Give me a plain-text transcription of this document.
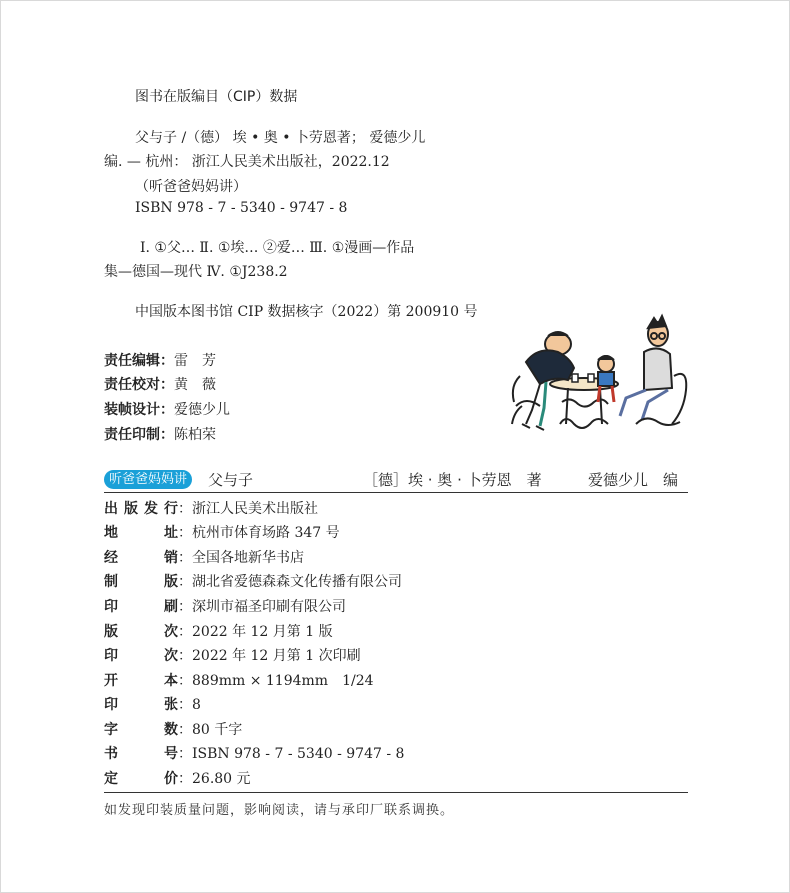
图书在版编目（CIP）数据
父与子 /（德） 埃 • 奥 • 卜劳恩著； 爱德少儿
编. — 杭州： 浙江人民美术出版社，2022.12
（听爸爸妈妈讲）
ISBN 978 - 7 - 5340 - 9747 - 8
Ⅰ. ①父… Ⅱ. ①埃… ②爱… Ⅲ. ①漫画—作品
集—德国—现代 Ⅳ. ①J238.2
中国版本图书馆 CIP 数据核字（2022）第 200910 号
责任编辑：雷　芳
责任校对：黄　薇
装帧设计：爱德少儿
责任印制：陈柏荣
听爸爸妈妈讲	父与子	［德］埃 · 奥 · 卜劳恩　著	爱德少儿　编
出版发行：浙江人民美术出版社
地　　址：杭州市体育场路 347 号
经　　销：全国各地新华书店
制　　版：湖北省爱德森森文化传播有限公司
印　　刷：深圳市福圣印刷有限公司
版　　次：2022 年 12 月第 1 版
印　　次：2022 年 12 月第 1 次印刷
开　　本：889mm × 1194mm　1/24
印　　张：8
字　　数：80 千字
书　　号：ISBN 978 - 7 - 5340 - 9747 - 8
定　　价：26.80 元
如发现印装质量问题，影响阅读，请与承印厂联系调换。
